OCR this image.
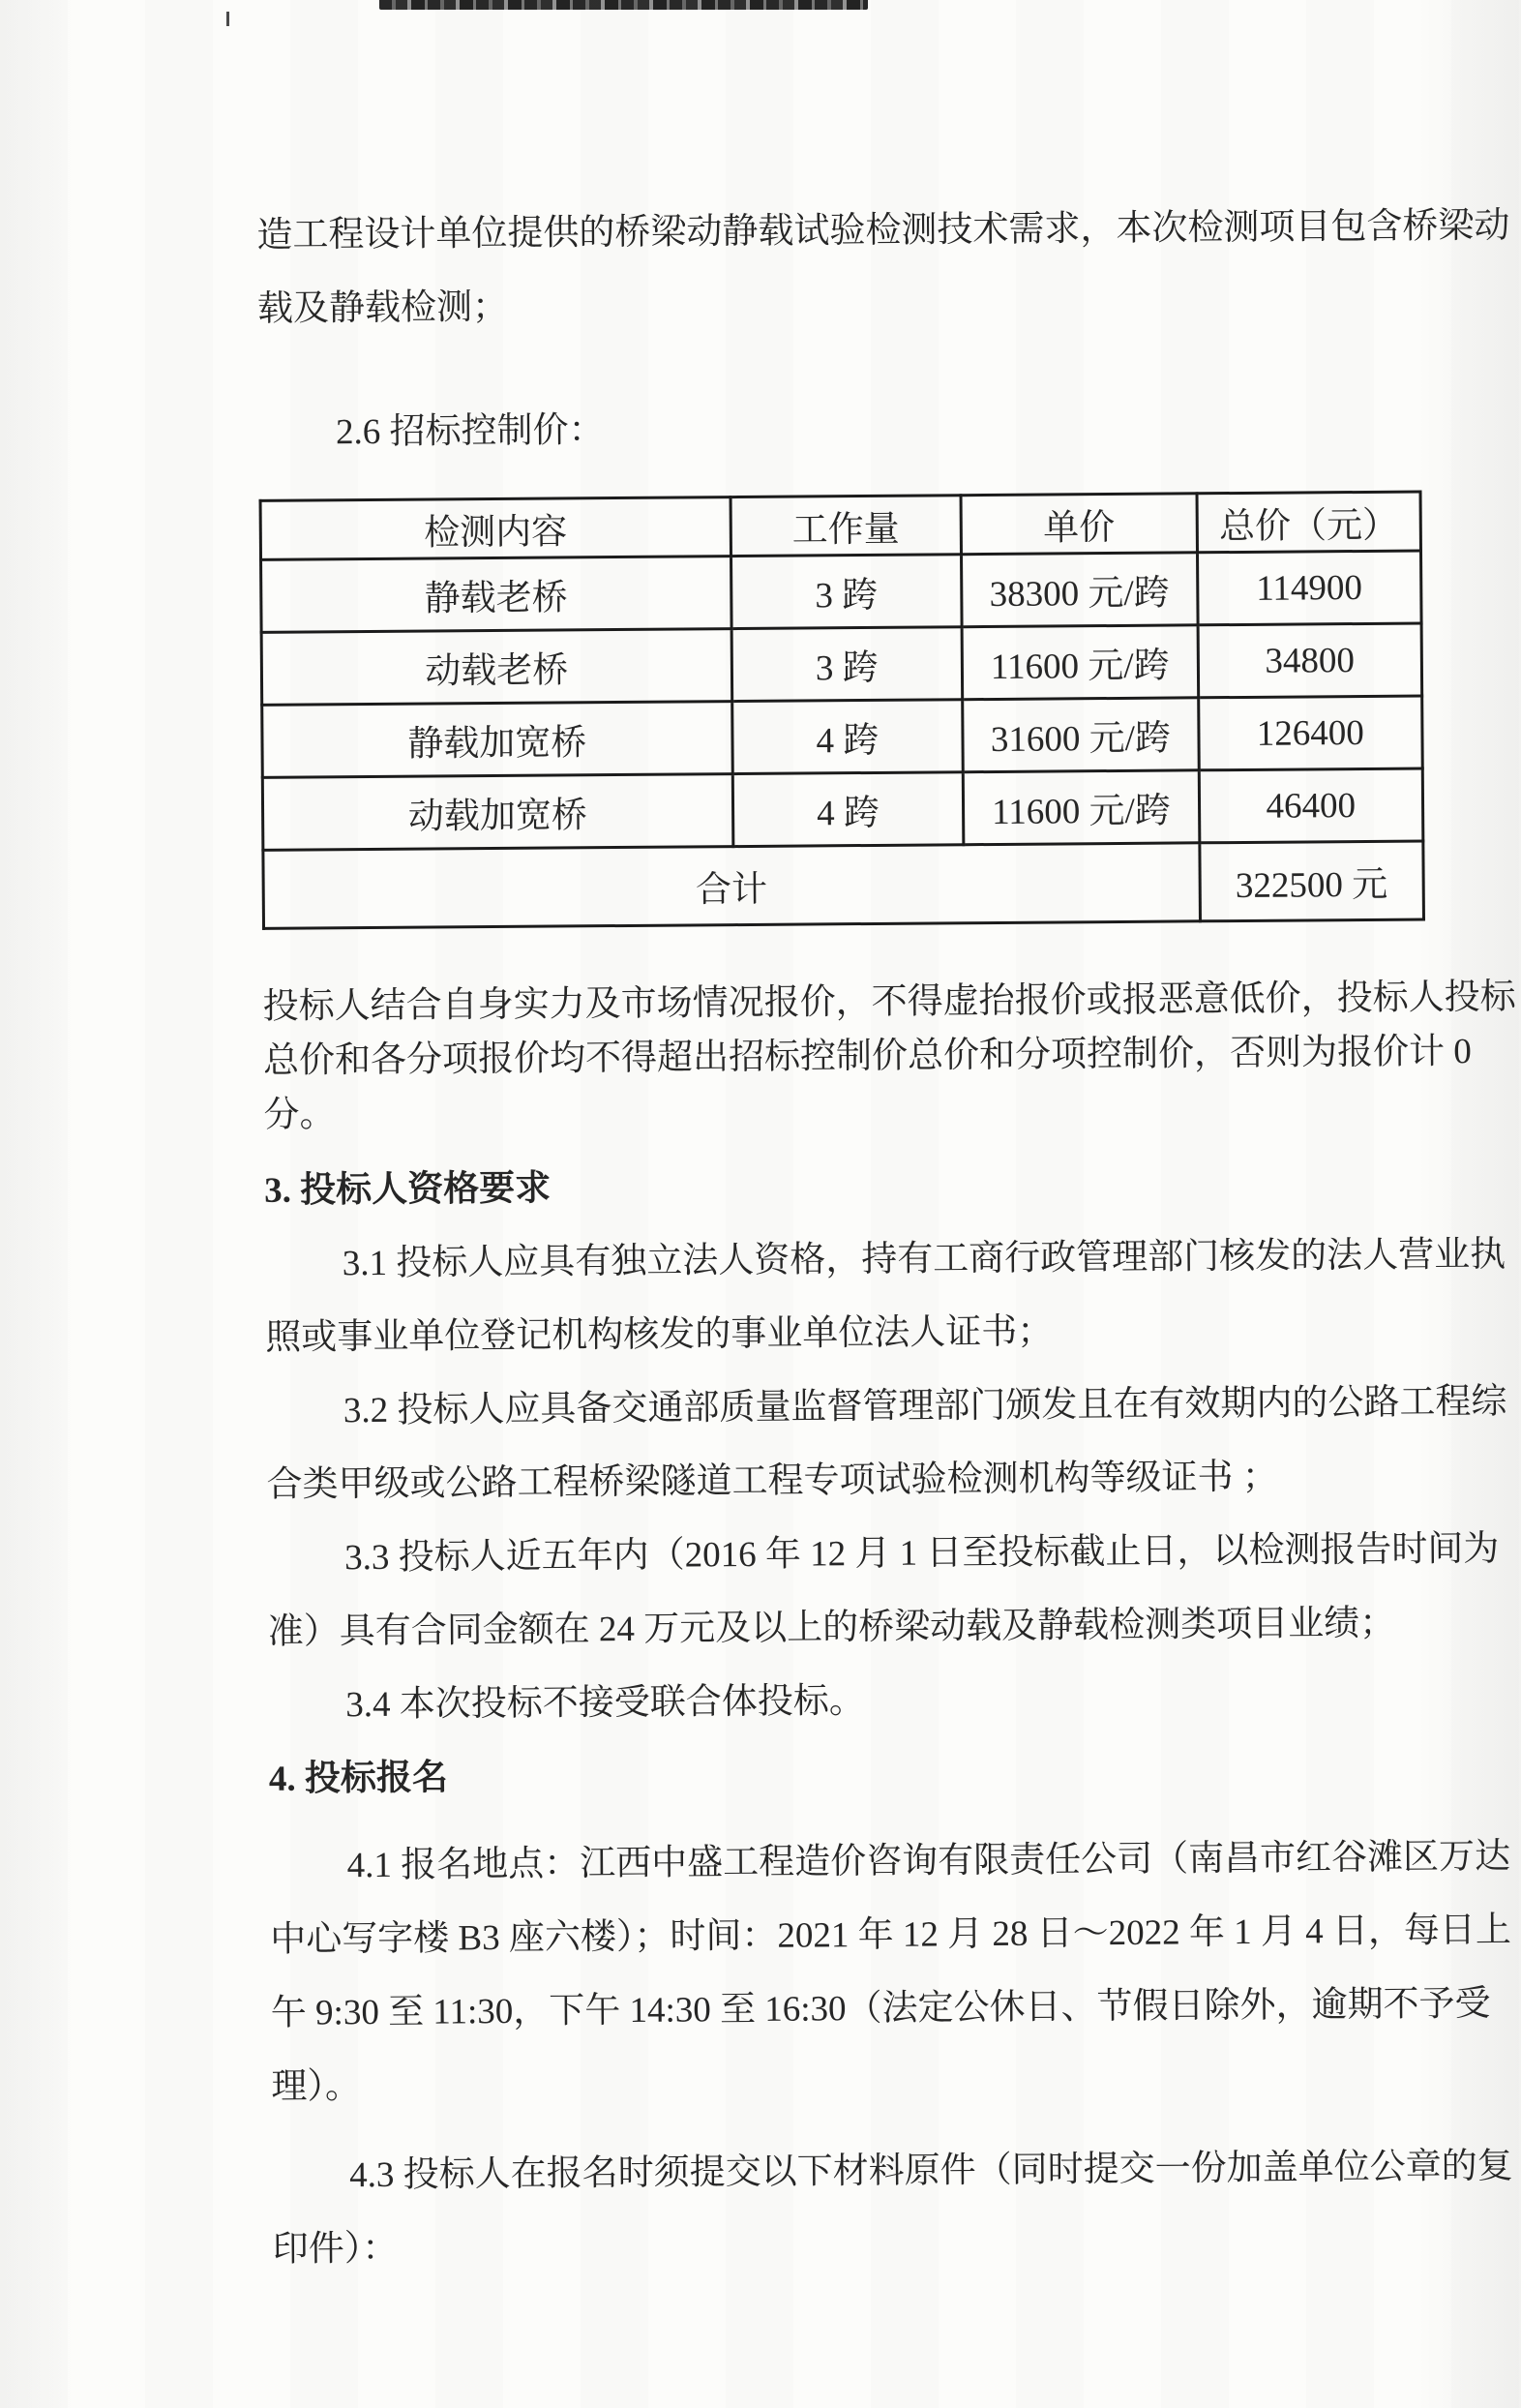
造工程设计单位提供的桥梁动静载试验检测技术需求，本次检测项目包含桥梁动
载及静载检测；

2.6 招标控制价：

检测内容	工作量	单价	总价（元）
静载老桥	3 跨	38300 元/跨	114900
动载老桥	3 跨	11600 元/跨	34800
静载加宽桥	4 跨	31600 元/跨	126400
动载加宽桥	4 跨	11600 元/跨	46400
合计			322500 元

投标人结合自身实力及市场情况报价，不得虚抬报价或报恶意低价，投标人投标
总价和各分项报价均不得超出招标控制价总价和分项控制价，否则为报价计 0
分。

3. 投标人资格要求

3.1 投标人应具有独立法人资格，持有工商行政管理部门核发的法人营业执
照或事业单位登记机构核发的事业单位法人证书；

3.2 投标人应具备交通部质量监督管理部门颁发且在有效期内的公路工程综
合类甲级或公路工程桥梁隧道工程专项试验检测机构等级证书 ；

3.3 投标人近五年内（2016 年 12 月 1 日至投标截止日，以检测报告时间为
准）具有合同金额在 24 万元及以上的桥梁动载及静载检测类项目业绩；

3.4 本次投标不接受联合体投标。

4. 投标报名

4.1 报名地点：江西中盛工程造价咨询有限责任公司（南昌市红谷滩区万达
中心写字楼 B3 座六楼）；时间：2021 年 12 月 28 日～2022 年 1 月 4 日，每日上
午 9:30 至 11:30，下午 14:30 至 16:30（法定公休日、节假日除外，逾期不予受
理）。

4.3 投标人在报名时须提交以下材料原件（同时提交一份加盖单位公章的复
印件）：
